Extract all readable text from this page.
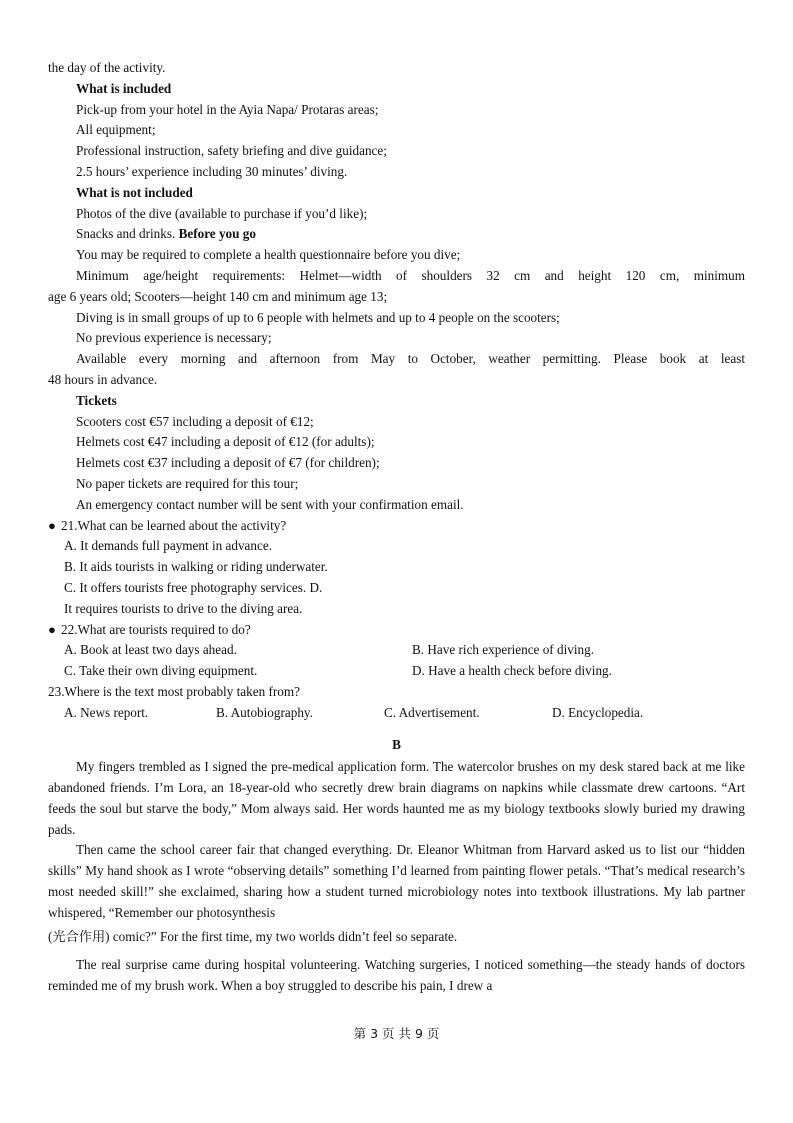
the day of the activity.
What is included
Pick-up from your hotel in the Ayia Napa/ Protaras areas;
All equipment;
Professional instruction, safety briefing and dive guidance;
2.5 hours’ experience including 30 minutes’ diving.
What is not included
Photos of the dive (available to purchase if you’d like);
Snacks and drinks. Before you go
You may be required to complete a health questionnaire before you dive;
Minimum age/height requirements: Helmet—width of shoulders 32 cm and height 120 cm, minimum
age 6 years old; Scooters—height 140 cm and minimum age 13;
Diving is in small groups of up to 6 people with helmets and up to 4 people on the scooters;
No previous experience is necessary;
Available every morning and afternoon from May to October, weather permitting. Please book at least
48 hours in advance.
Tickets
Scooters cost €57 including a deposit of €12;
Helmets cost €47 including a deposit of €12 (for adults);
Helmets cost €37 including a deposit of €7 (for children);
No paper tickets are required for this tour;
An emergency contact number will be sent with your confirmation email.
● 21.What can be learned about the activity?
A. It demands full payment in advance.
B. It aids tourists in walking or riding underwater.
C. It offers tourists free photography services. D.
It requires tourists to drive to the diving area.
● 22.What are tourists required to do?
A. Book at least two days ahead.	B. Have rich experience of diving.
C. Take their own diving equipment.	D. Have a health check before diving.
23.Where is the text most probably taken from?
A. News report.	B. Autobiography.	C. Advertisement.	D. Encyclopedia.
B
My fingers trembled as I signed the pre-medical application form. The watercolor brushes on my desk stared back at me like abandoned friends. I’m Lora, an 18-year-old who secretly drew brain diagrams on napkins while classmate drew cartoons. “Art feeds the soul but starve the body,” Mom always said. Her words haunted me as my biology textbooks slowly buried my drawing pads.
Then came the school career fair that changed everything. Dr. Eleanor Whitman from Harvard asked us to list our “hidden skills” My hand shook as I wrote “observing details” something I’d learned from painting flower petals. “That’s medical research’s most needed skill!” she exclaimed, sharing how a student turned microbiology notes into textbook illustrations. My lab partner whispered, “Remember our photosynthesis
(光合作用) comic?” For the first time, my two worlds didn’t feel so separate.
The real surprise came during hospital volunteering. Watching surgeries, I noticed something—the steady hands of doctors reminded me of my brush work. When a boy struggled to describe his pain, I drew a
第 3 页 共 9 页
